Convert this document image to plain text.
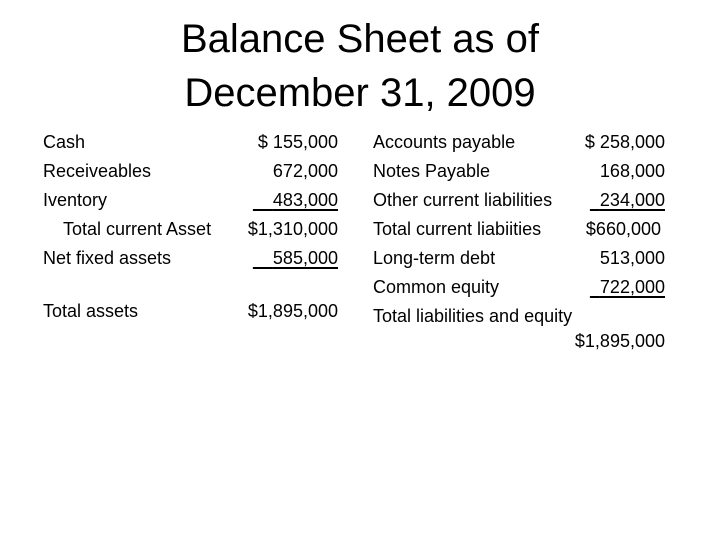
Balance Sheet as of
December 31, 2009
Cash	$ 155,000
Receiveables	672,000
Iventory	483,000
Total current Asset $1,310,000
Net fixed assets	585,000
Total assets	$1,895,000
Accounts payable	$ 258,000
Notes Payable	168,000
Other current liabilities	234,000
Total current liabiities $660,000
Long-term debt	513,000
Common equity	722,000
Total liabilities and equity
$1,895,000
